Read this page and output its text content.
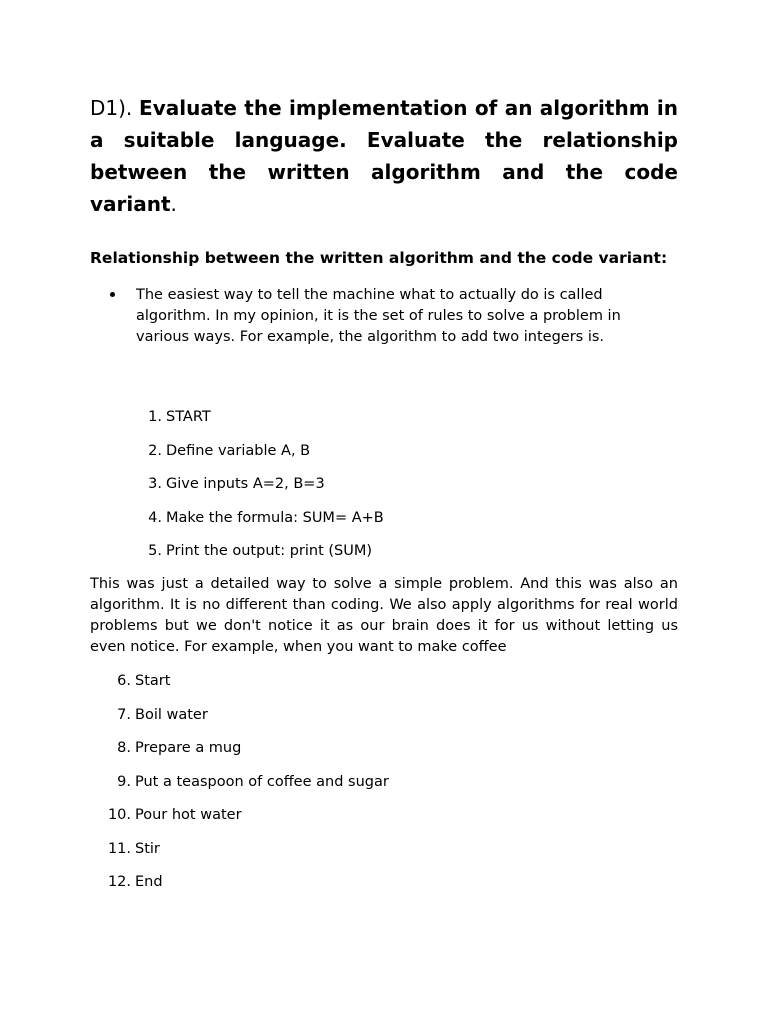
D1). Evaluate the implementation of an algorithm in a suitable language. Evaluate the relationship between the written algorithm and the code variant.
Relationship between the written algorithm and the code variant:
The easiest way to tell the machine what to actually do is called algorithm. In my opinion, it is the set of rules to solve a problem in various ways. For example, the algorithm to add two integers is.
1. START
2. Define variable A, B
3. Give inputs A=2, B=3
4. Make the formula: SUM= A+B
5. Print the output: print (SUM)

This was just a detailed way to solve a simple problem. And this was also an algorithm. It is no different than coding. We also apply algorithms for real world problems but we don't notice it as our brain does it for us without letting us even notice. For example, when you want to make coffee

6. Start
7. Boil water
8. Prepare a mug
9. Put a teaspoon of coffee and sugar
10. Pour hot water
11. Stir
12. End
